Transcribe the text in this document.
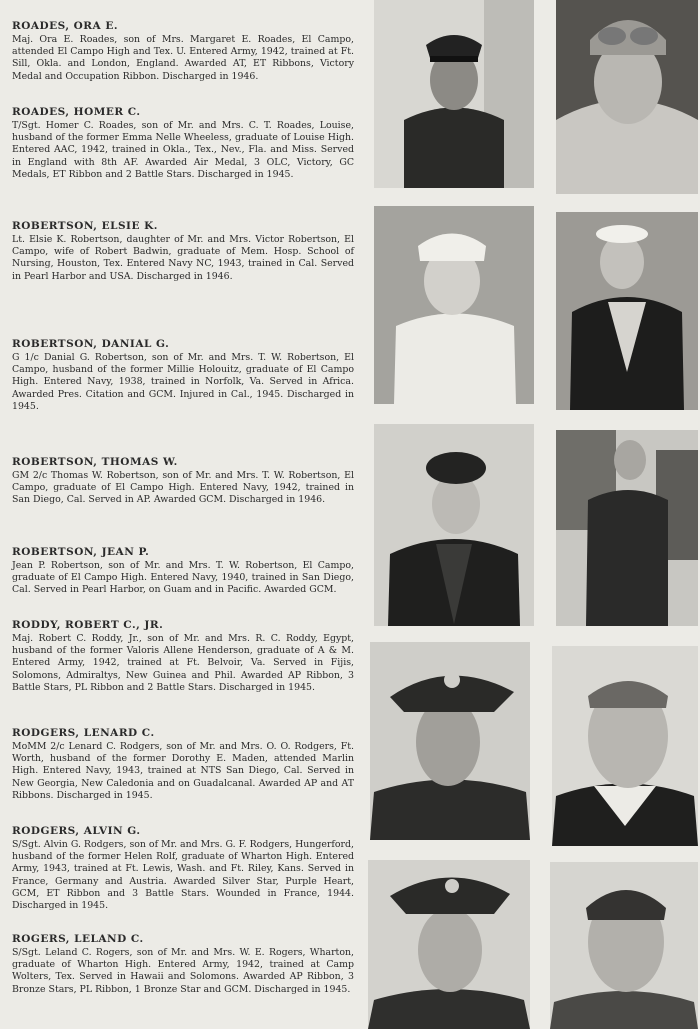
ROADES, ORA E.

Maj. Ora E. Roades, son of Mrs. Margaret E. Roades, El Campo, attended El Campo High and Tex. U. Entered Army, 1942, trained at Ft. Sill, Okla. and London, England. Awarded AT, ET Ribbons, Victory Medal and Occupation Ribbon. Discharged in 1946.

ROADES, HOMER C.

T/Sgt. Homer C. Roades, son of Mr. and Mrs. C. T. Roades, Louise, husband of the former Emma Nelle Wheeless, graduate of Louise High. Entered AAC, 1942, trained in Okla., Tex., Nev., Fla. and Miss. Served in England with 8th AF. Awarded Air Medal, 3 OLC, Victory, GC Medals, ET Ribbon and 2 Battle Stars. Discharged in 1945.

ROBERTSON, ELSIE K.

Lt. Elsie K. Robertson, daughter of Mr. and Mrs. Victor Robertson, El Campo, wife of Robert Badwin, graduate of Mem. Hosp. School of Nursing, Houston, Tex. Entered Navy NC, 1943, trained in Cal. Served in Pearl Harbor and USA. Discharged in 1946.

ROBERTSON, DANIAL G.

G 1/c Danial G. Robertson, son of Mr. and Mrs. T. W. Robertson, El Campo, husband of the former Millie Holouitz, graduate of El Campo High. Entered Navy, 1938, trained in Norfolk, Va. Served in Africa. Awarded Pres. Citation and GCM. Injured in Cal., 1945. Discharged in 1945.

ROBERTSON, THOMAS W.

GM 2/c Thomas W. Robertson, son of Mr. and Mrs. T. W. Robertson, El Campo, graduate of El Campo High. Entered Navy, 1942, trained in San Diego, Cal. Served in AP. Awarded GCM. Discharged in 1946.

ROBERTSON, JEAN P.

Jean P. Robertson, son of Mr. and Mrs. T. W. Robertson, El Campo, graduate of El Campo High. Entered Navy, 1940, trained in San Diego, Cal. Served in Pearl Harbor, on Guam and in Pacific. Awarded GCM.

RODDY, ROBERT C., JR.

Maj. Robert C. Roddy, Jr., son of Mr. and Mrs. R. C. Roddy, Egypt, husband of the former Valoris Allene Henderson, graduate of A & M. Entered Army, 1942, trained at Ft. Belvoir, Va. Served in Fijis, Solomons, Admiraltys, New Guinea and Phil. Awarded AP Ribbon, 3 Battle Stars, PL Ribbon and 2 Battle Stars. Discharged in 1945.

RODGERS, LENARD C.

MoMM 2/c Lenard C. Rodgers, son of Mr. and Mrs. O. O. Rodgers, Ft. Worth, husband of the former Dorothy E. Maden, attended Marlin High. Entered Navy, 1943, trained at NTS San Diego, Cal. Served in New Georgia, New Caledonia and on Guadalcanal. Awarded AP and AT Ribbons. Discharged in 1945.

RODGERS, ALVIN G.

S/Sgt. Alvin G. Rodgers, son of Mr. and Mrs. G. F. Rodgers, Hungerford, husband of the former Helen Rolf, graduate of Wharton High. Entered Army, 1943, trained at Ft. Lewis, Wash. and Ft. Riley, Kans. Served in France, Germany and Austria. Awarded Silver Star, Purple Heart, GCM, ET Ribbon and 3 Battle Stars. Wounded in France, 1944. Discharged in 1945.

ROGERS, LELAND C.

S/Sgt. Leland C. Rogers, son of Mr. and Mrs. W. E. Rogers, Wharton, graduate of Wharton High. Entered Army, 1942, trained at Camp Wolters, Tex. Served in Hawaii and Solomons. Awarded AP Ribbon, 3 Bronze Stars, PL Ribbon, 1 Bronze Star and GCM. Discharged in 1945.
